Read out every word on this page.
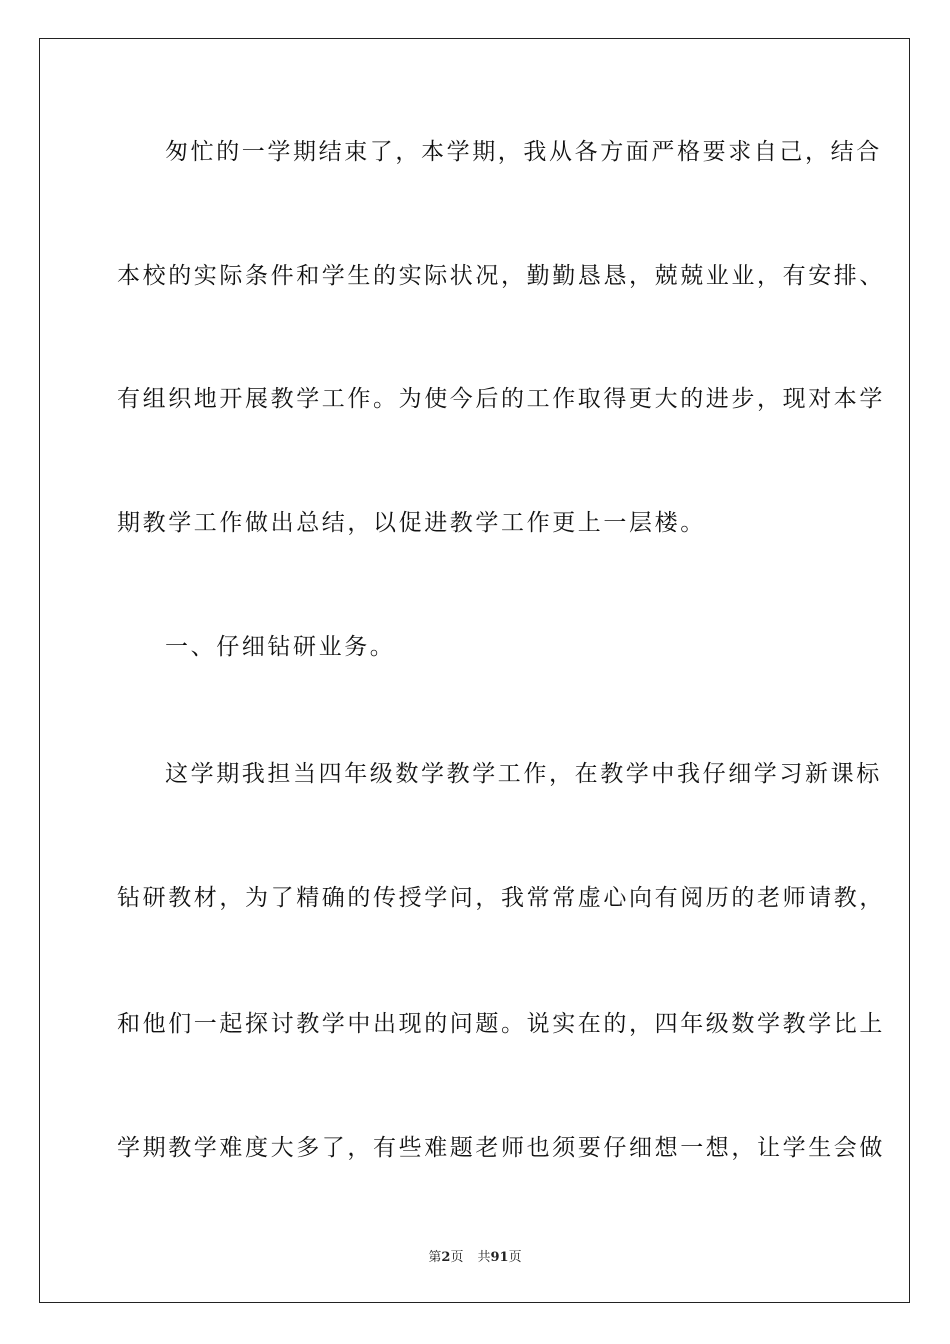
匆忙的一学期结束了，本学期，我从各方面严格要求自己，结合
本校的实际条件和学生的实际状况，勤勤恳恳，兢兢业业，有安排、
有组织地开展教学工作。为使今后的工作取得更大的进步，现对本学
期教学工作做出总结，以促进教学工作更上一层楼。
一、仔细钻研业务。
这学期我担当四年级数学教学工作，在教学中我仔细学习新课标
钻研教材，为了精确的传授学问，我常常虚心向有阅历的老师请教，
和他们一起探讨教学中出现的问题。说实在的，四年级数学教学比上
学期教学难度大多了，有些难题老师也须要仔细想一想，让学生会做
第2页 共91页
